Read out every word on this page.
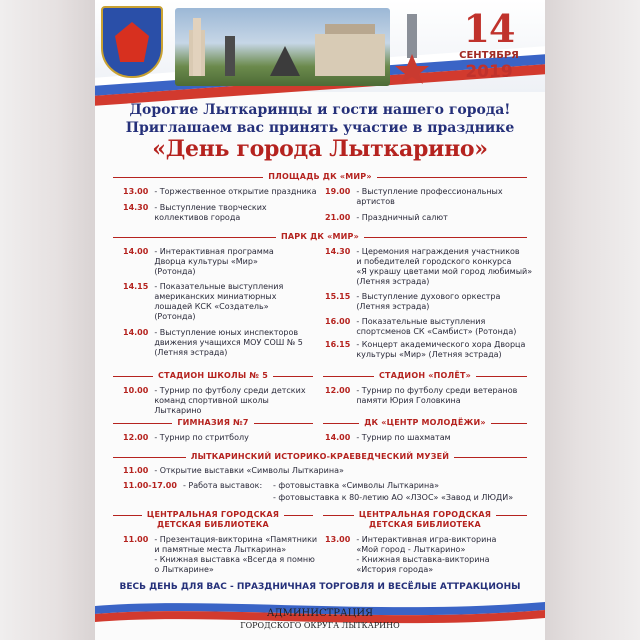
14
СЕНТЯБРЯ
2019
Дорогие Лыткаринцы и гости нашего города!
Приглашаем вас принять участие в празднике
«День города Лыткарино»
ПЛОЩАДЬ ДК «МИР»
13.00 - Торжественное открытие праздника
14.30 - Выступление творческих
коллективов города
19.00 - Выступление профессиональных
артистов
21.00 - Праздничный салют
ПАРК ДК «МИР»
14.00 - Интерактивная программа
Дворца культуры «Мир»
(Ротонда)
14.15 - Показательные выступления
американских миниатюрных
лошадей КСК «Создатель»
(Ротонда)
14.00 - Выступление юных инспекторов
движения учащихся МОУ СОШ № 5
(Летняя эстрада)
14.30 - Церемония награждения участников
и победителей городского конкурса
«Я украшу цветами мой город любимый»
(Летняя эстрада)
15.15 - Выступление духового оркестра
(Летняя эстрада)
16.00 - Показательные выступления
спортсменов СК «Самбист» (Ротонда)
16.15 - Концерт академического хора Дворца
культуры «Мир» (Летняя эстрада)
СТАДИОН ШКОЛЫ № 5	СТАДИОН «ПОЛЁТ»
10.00 - Турнир по футболу среди детских
команд спортивной школы Лыткарино
12.00 - Турнир по футболу среди ветеранов
памяти Юрия Головкина
ГИМНАЗИЯ №7	ДК «ЦЕНТР МОЛОДЁЖИ»
12.00 - Турнир по стритболу	14.00 - Турнир по шахматам
ЛЫТКАРИНСКИЙ ИСТОРИКО-КРАЕВЕДЧЕСКИЙ МУЗЕЙ
11.00 - Открытие выставки «Символы Лыткарина»
11.00-17.00 - Работа выставок:	- фотовыставка «Символы Лыткарина»
- фотовыставка к 80-летию АО «ЛЗОС» «Завод и ЛЮДИ»
ЦЕНТРАЛЬНАЯ ГОРОДСКАЯ
ДЕТСКАЯ БИБЛИОТЕКА
ЦЕНТРАЛЬНАЯ ГОРОДСКАЯ
ДЕТСКАЯ БИБЛИОТЕКА
11.00 - Презентация-викторина «Памятники
и памятные места Лыткарина»
- Книжная выставка «Всегда я помню
о Лыткарине»
13.00 - Интерактивная игра-викторина
«Мой город - Лыткарино»
- Книжная выставка-викторина
«История города»
ВЕСЬ ДЕНЬ ДЛЯ ВАС - ПРАЗДНИЧНАЯ ТОРГОВЛЯ И ВЕСЁЛЫЕ АТТРАКЦИОНЫ
АДМИНИСТРАЦИЯ
ГОРОДСКОГО ОКРУГА ЛЫТКАРИНО
